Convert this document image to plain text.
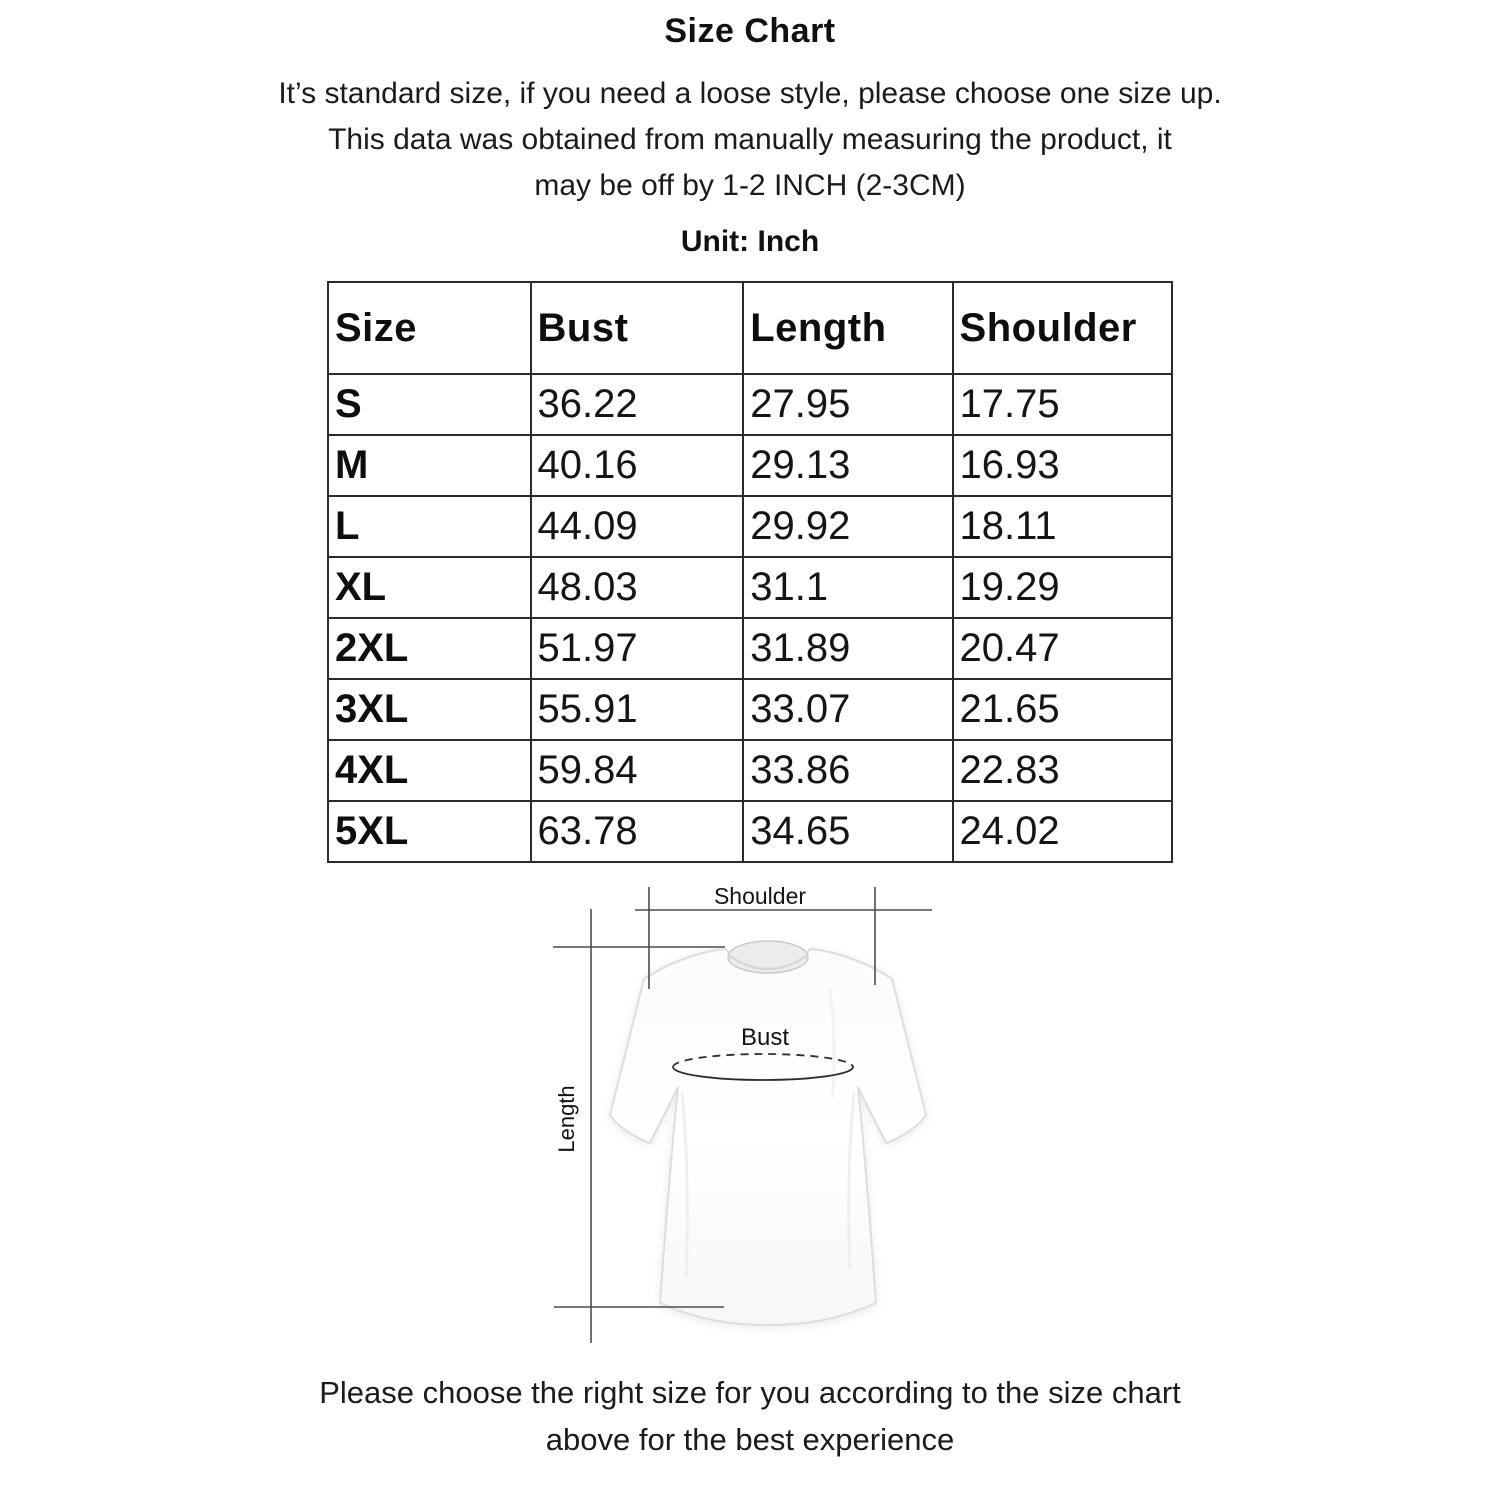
Size Chart
It’s standard size, if you need a loose style, please choose one size up.
This data was obtained from manually measuring the product, it
may be off by 1-2 INCH (2-3CM)
Unit: Inch
Size	Bust	Length	Shoulder
S	36.22	27.95	17.75
M	40.16	29.13	16.93
L	44.09	29.92	18.11
XL	48.03	31.1	19.29
2XL	51.97	31.89	20.47
3XL	55.91	33.07	21.65
4XL	59.84	33.86	22.83
5XL	63.78	34.65	24.02
Shoulder
Length
Bust
Please choose the right size for you according to the size chart
above for the best experience
